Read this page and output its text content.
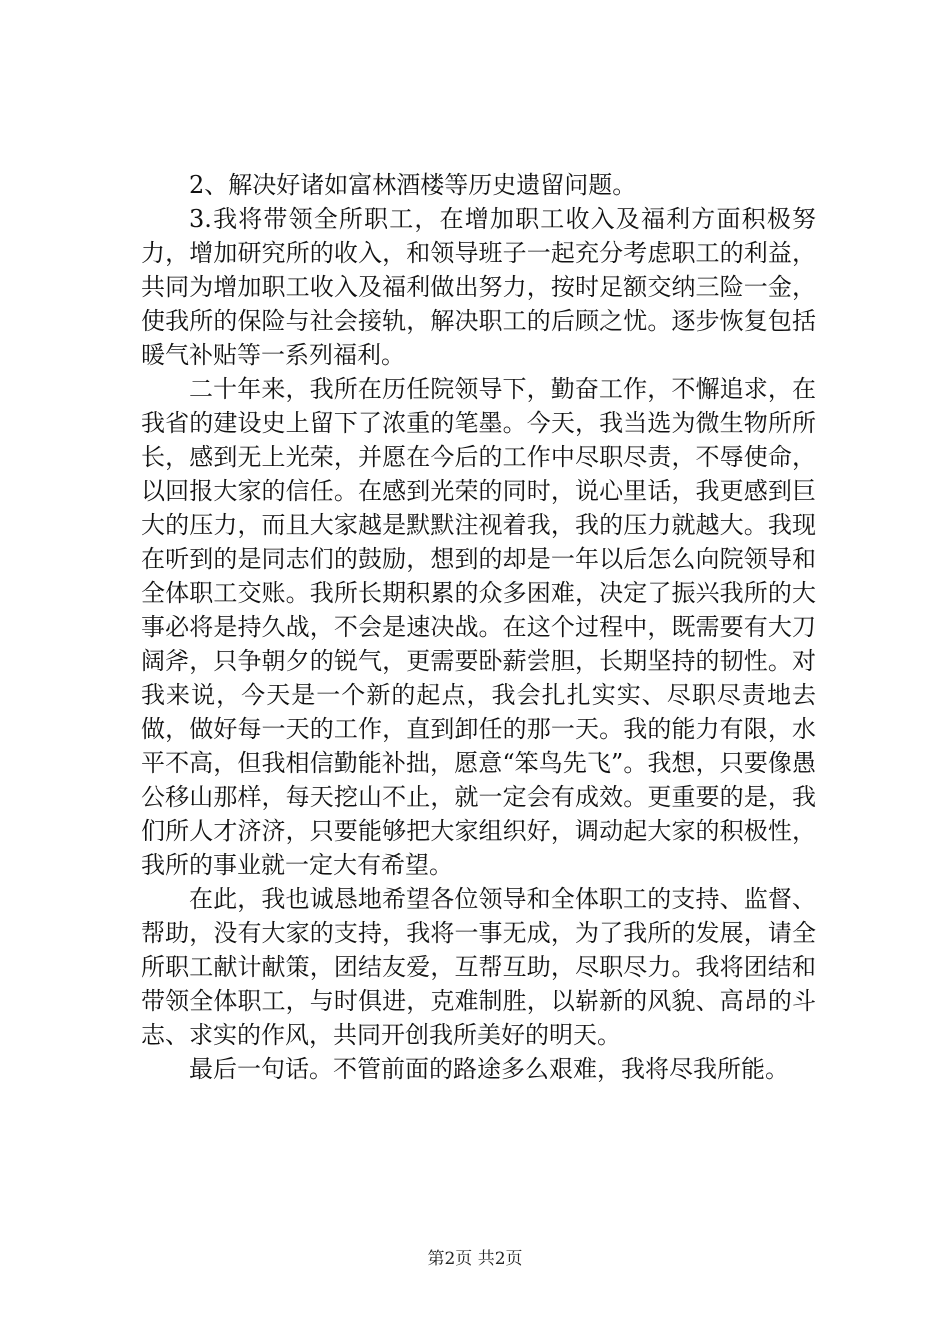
2、解决好诸如富林酒楼等历史遗留问题。

3.我将带领全所职工，在增加职工收入及福利方面积极努力，增加研究所的收入，和领导班子一起充分考虑职工的利益，共同为增加职工收入及福利做出努力，按时足额交纳三险一金，使我所的保险与社会接轨，解决职工的后顾之忧。逐步恢复包括暖气补贴等一系列福利。

二十年来，我所在历任院领导下，勤奋工作，不懈追求，在我省的建设史上留下了浓重的笔墨。今天，我当选为微生物所所长，感到无上光荣，并愿在今后的工作中尽职尽责，不辱使命，以回报大家的信任。在感到光荣的同时，说心里话，我更感到巨大的压力，而且大家越是默默注视着我，我的压力就越大。我现在听到的是同志们的鼓励，想到的却是一年以后怎么向院领导和全体职工交账。我所长期积累的众多困难，决定了振兴我所的大事必将是持久战，不会是速决战。在这个过程中，既需要有大刀阔斧，只争朝夕的锐气，更需要卧薪尝胆，长期坚持的韧性。对我来说，今天是一个新的起点，我会扎扎实实、尽职尽责地去做，做好每一天的工作，直到卸任的那一天。我的能力有限，水平不高，但我相信勤能补拙，愿意“笨鸟先飞”。我想，只要像愚公移山那样，每天挖山不止，就一定会有成效。更重要的是，我们所人才济济，只要能够把大家组织好，调动起大家的积极性，我所的事业就一定大有希望。

在此，我也诚恳地希望各位领导和全体职工的支持、监督、帮助，没有大家的支持，我将一事无成，为了我所的发展，请全所职工献计献策，团结友爱，互帮互助，尽职尽力。我将团结和带领全体职工，与时俱进，克难制胜，以崭新的风貌、高昂的斗志、求实的作风，共同开创我所美好的明天。

最后一句话。不管前面的路途多么艰难，我将尽我所能。

第2页 共2页
